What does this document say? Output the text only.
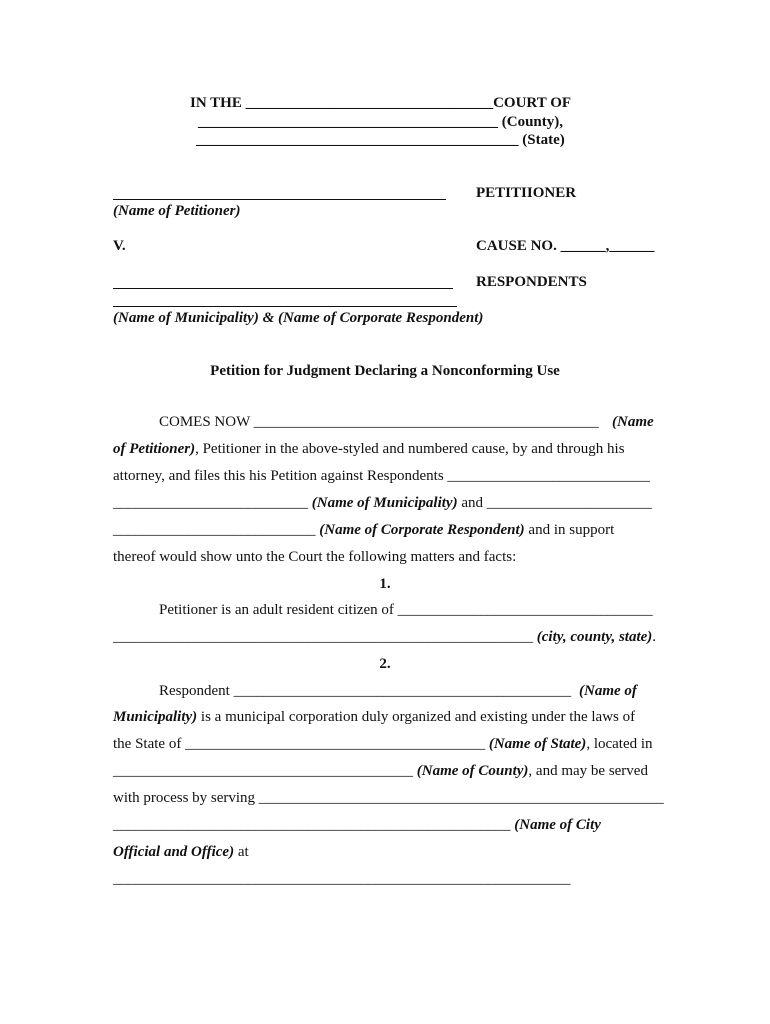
IN THE _________________________________COURT OF
________________________________________ (County),
___________________________________________ (State)
PETITIIONER
(Name of Petitioner)
V.	CAUSE NO. ______,______
RESPONDENTS
(Name of Municipality) & (Name of Corporate Respondent)
Petition for Judgment Declaring a Nonconforming Use
COMES NOW ______________________________________________ (Name
of Petitioner), Petitioner in the above-styled and numbered cause, by and through his
attorney, and files this his Petition against Respondents ___________________________
__________________________ (Name of Municipality) and ______________________
___________________________ (Name of Corporate Respondent) and in support
thereof would show unto the Court the following matters and facts:
1.
Petitioner is an adult resident citizen of __________________________________
________________________________________________________ (city, county, state).
2.
Respondent _____________________________________________ (Name of
Municipality) is a municipal corporation duly organized and existing under the laws of
the State of ________________________________________ (Name of State), located in
________________________________________ (Name of County), and may be served
with process by serving ______________________________________________________
_____________________________________________________ (Name of City
Official and Office) at
_____________________________________________________________
